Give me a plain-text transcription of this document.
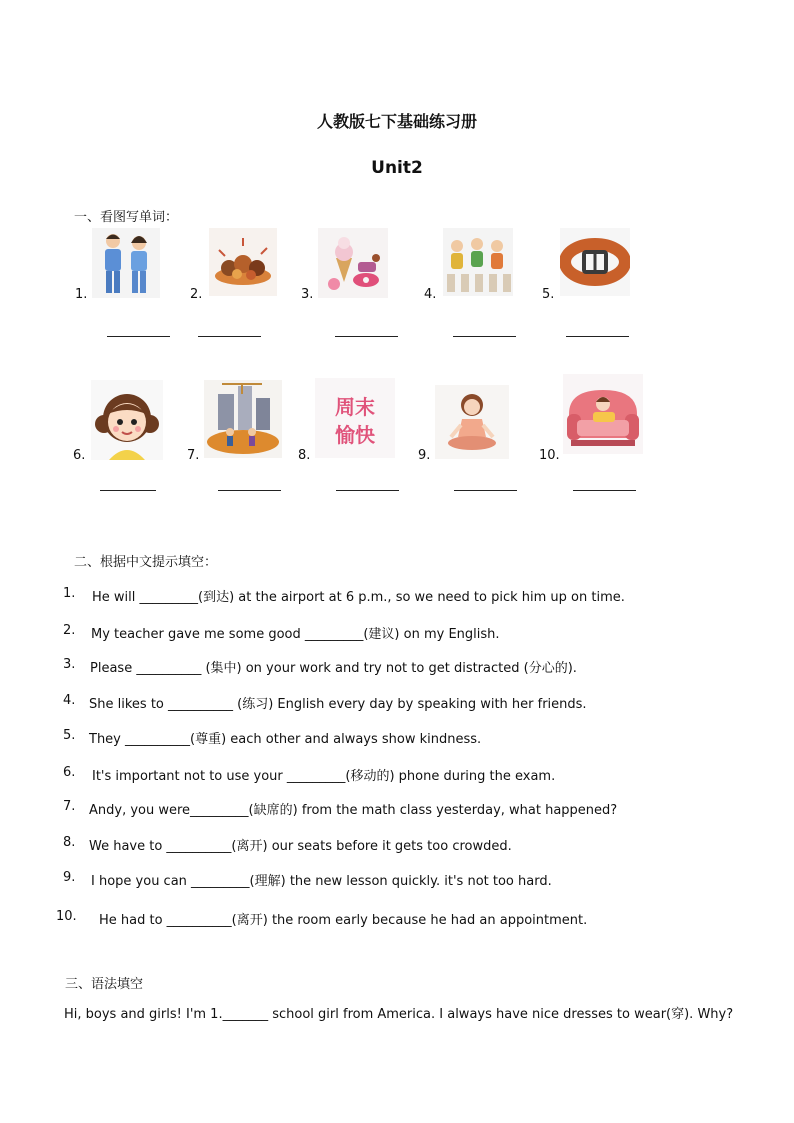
人教版七下基础练习册
Unit2
一、看图写单词：
1.	2.	3.	4.	5.
6.	7.	8.	9.	10.
周末
愉快
二、根据中文提示填空：
1. He will _________(到达) at the airport at 6 p.m., so we need to pick him up on time.
2. My teacher gave me some good _________(建议) on my English.
3. Please __________ (集中) on your work and try not to get distracted (分心的).
4. She likes to __________ (练习) English every day by speaking with her friends.
5. They __________(尊重) each other and always show kindness.
6. It's important not to use your _________(移动的) phone during the exam.
7. Andy, you were_________(缺席的) from the math class yesterday, what happened?
8. We have to __________(离开) our seats before it gets too crowded.
9. I hope you can _________(理解) the new lesson quickly. it's not too hard.
10. He had to __________(离开) the room early because he had an appointment.
三、语法填空
Hi, boys and girls! I'm 1._______ school girl from America. I always have nice dresses to wear(穿). Why?
